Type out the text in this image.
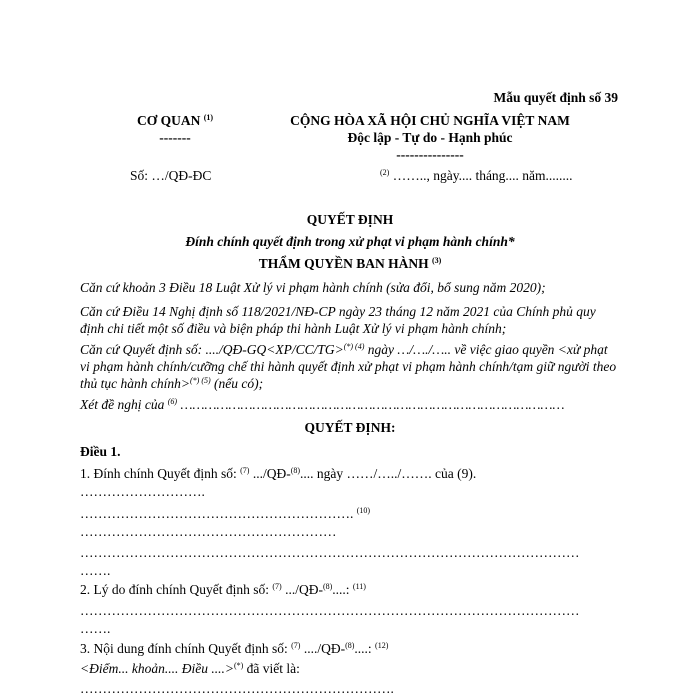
Mẫu quyết định số 39
CƠ QUAN $^{(1)}$
-------
CỘNG HÒA XÃ HỘI CHỦ NGHĨA VIỆT NAM
Độc lập - Tự do - Hạnh phúc
---------------
Số: …/QĐ-ĐC	$^{(2)}$ …….., ngày.... tháng.... năm........
QUYẾT ĐỊNH
Đính chính quyết định trong xử phạt vi phạm hành chính*
THẨM QUYỀN BAN HÀNH $^{(3)}$
Căn cứ khoản 3 Điều 18 Luật Xử lý vi phạm hành chính (sửa đổi, bổ sung năm 2020);
Căn cứ Điều 14 Nghị định số 118/2021/NĐ-CP ngày 23 tháng 12 năm 2021 của Chính phủ quy định chi tiết một số điều và biện pháp thi hành Luật Xử lý vi phạm hành chính;
Căn cứ Quyết định số: ..../QĐ-GQ<XP/CC/TG>$^{(*) (4)}$ ngày …/…./….. về việc giao quyền <xử phạt vi phạm hành chính/cưỡng chế thi hành quyết định xử phạt vi phạm hành chính/tạm giữ người theo thủ tục hành chính>$^{(*) (5)}$ (nếu có);
Xét đề nghị của $^{(6)}$ ……………………………………………………………………………………
QUYẾT ĐỊNH:
Điều 1.
1. Đính chính Quyết định số: $^{(7)}$ .../QĐ-$^{(8)}$.... ngày ……/…../……. của (9).
……………………….
……………………………………………………. $^{(10)}$
…………………………………………………
…………………………………………………………………………………………………
…….
2. Lý do đính chính Quyết định số: $^{(7)}$ .../QĐ-$^{(8)}$....: $^{(11)}$
…………………………………………………………………………………………………
…….
3. Nội dung đính chính Quyết định số: $^{(7)}$ ..../QĐ-$^{(8)}$....: $^{(12)}$
<Điểm... khoản.... Điều ....>(*) đã viết là:
…………………………………………………………….
